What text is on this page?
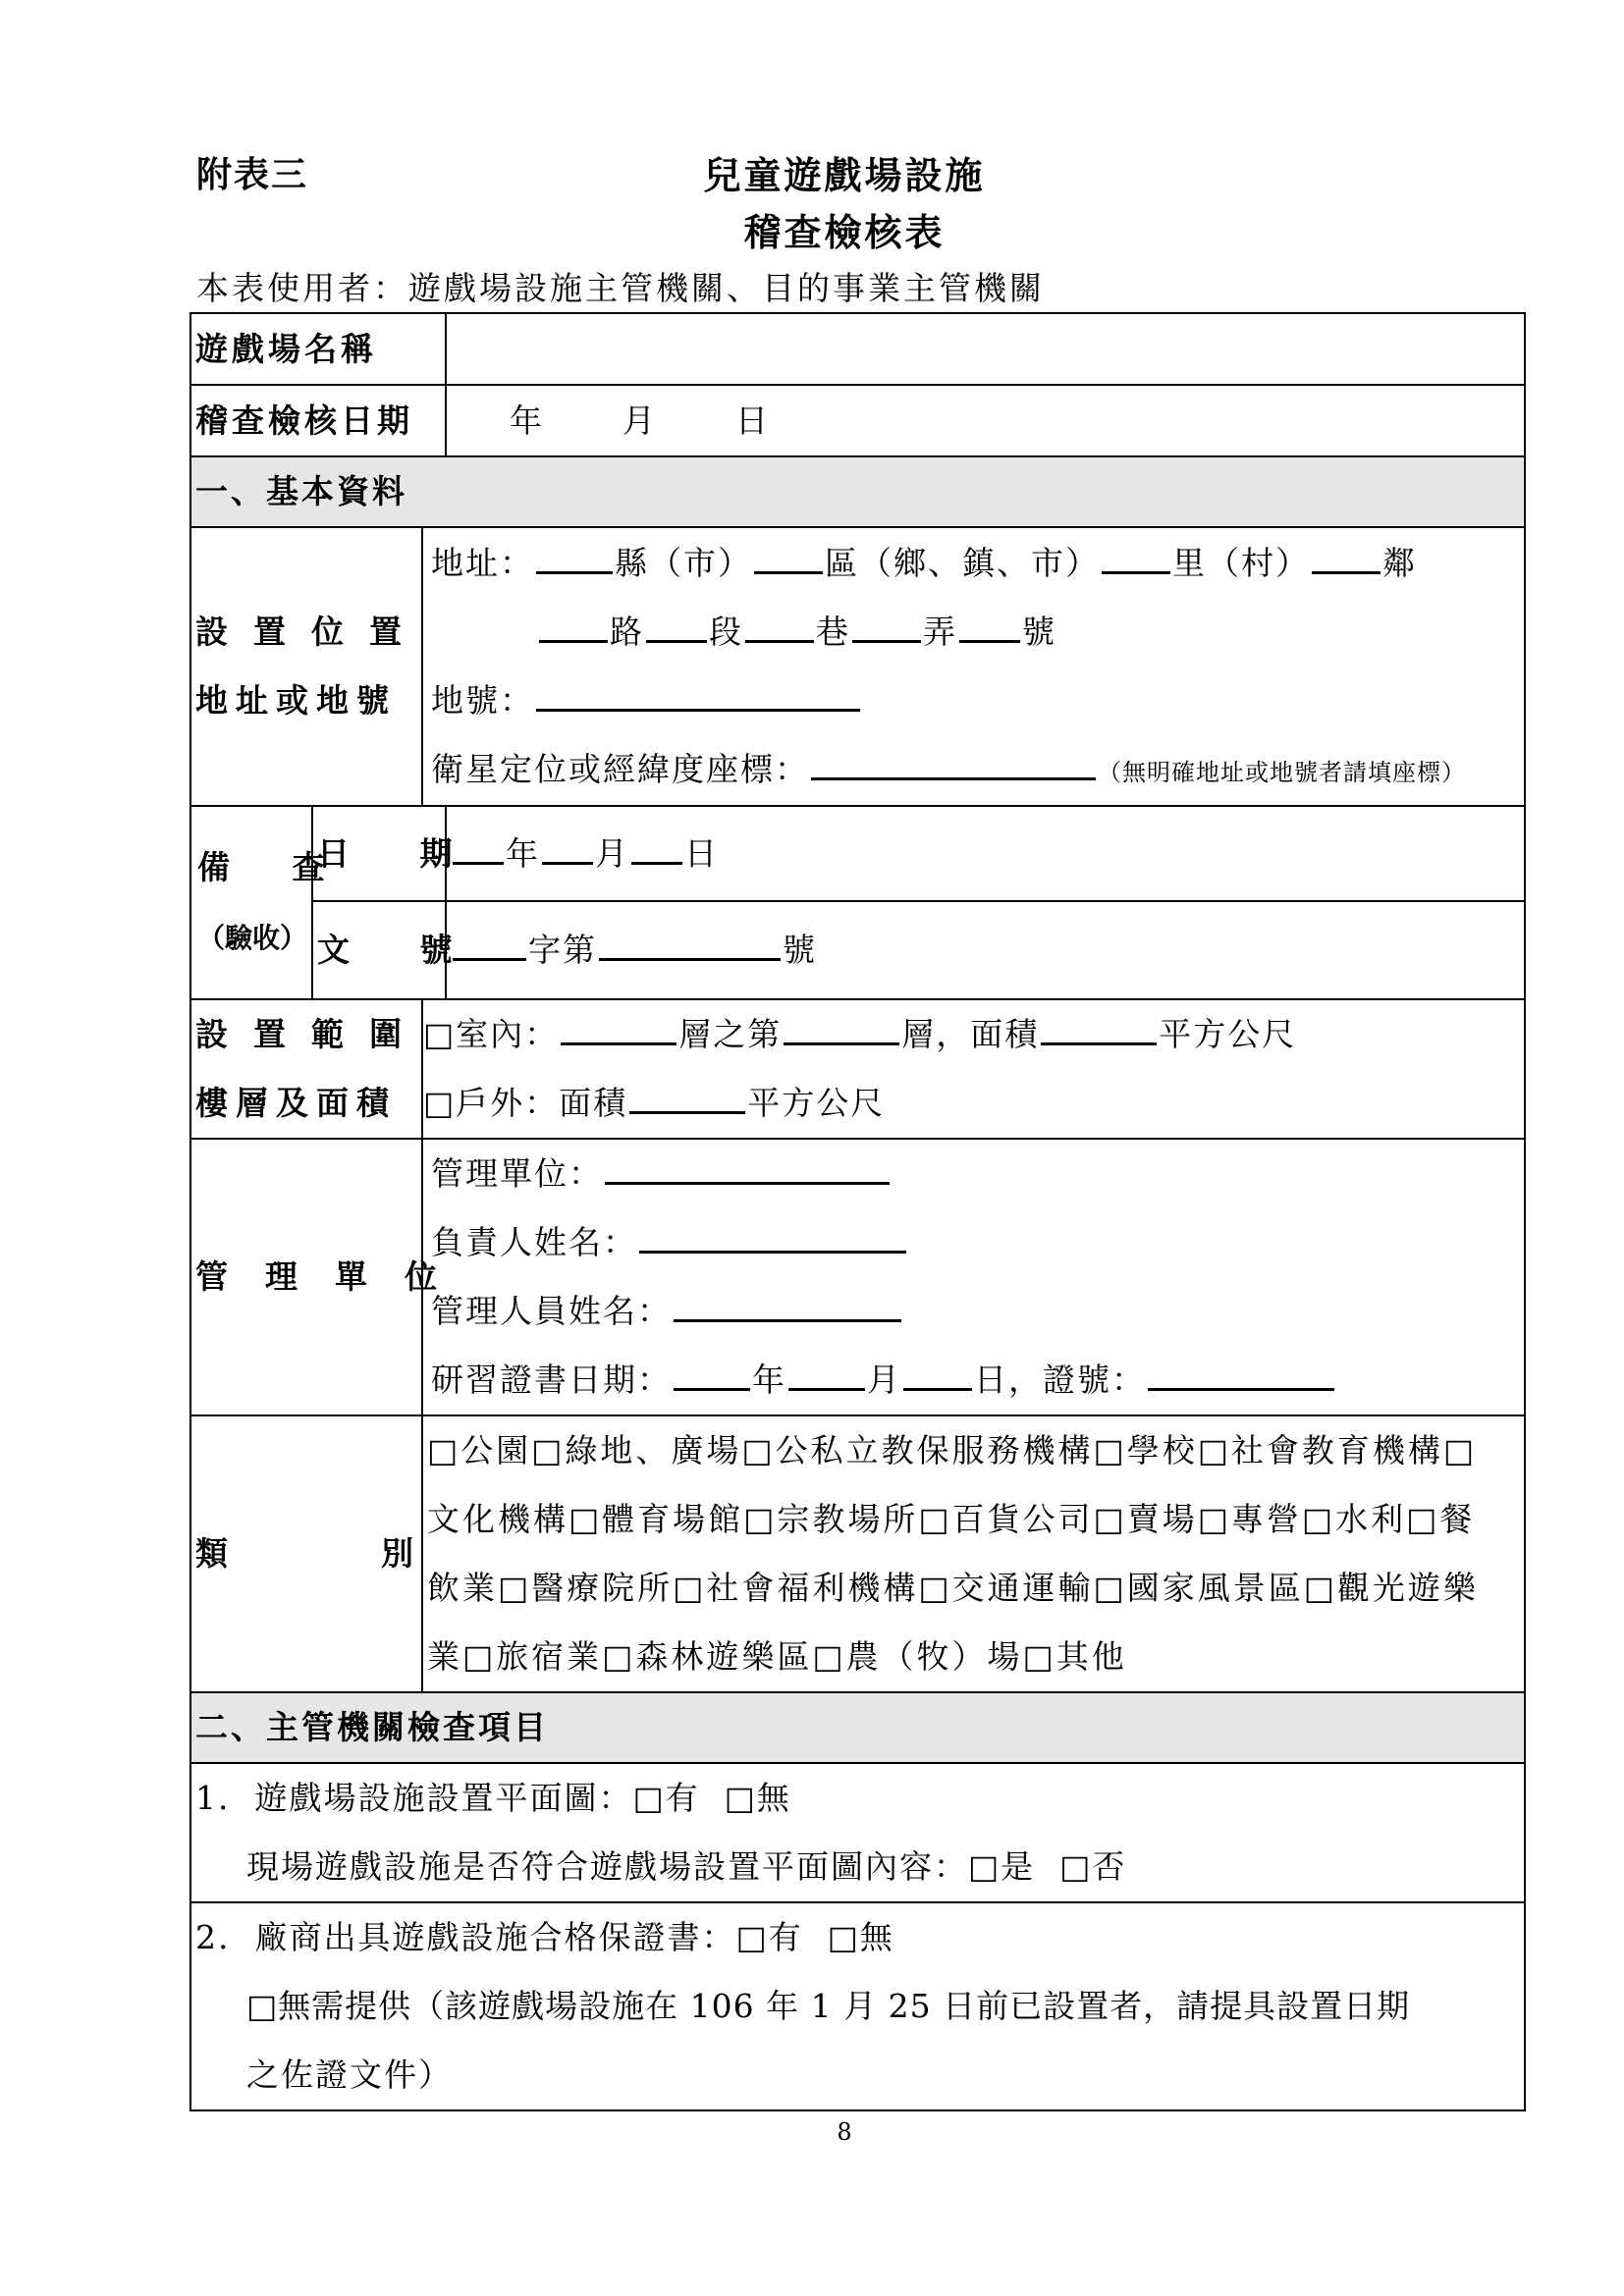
附表三	兒童遊戲場設施
稽查檢核表
本表使用者：遊戲場設施主管機關、目的事業主管機關
遊戲場名稱			
稽查檢核日期			年 月 日
一、基本資料			

設置位置
地址或地號		地址： 縣（市） 區（鄉、鎮、市） 里（村） 鄰
路 段 巷 弄 號
地號：
衛星定位或經緯度座標： （無明確地址或地號者請填座標）	

備 查
（驗收）	日 期		年 月 日
	文 號		字第 號

設置範圍
樓層及面積		□室內： 層之第 層，面積 平方公尺
□戶外：面積 平方公尺	

管理單位		管理單位：
負責人姓名：
管理人員姓名：
研習證書日期： 年 月 日，證號：	

類 別		□公園□綠地、廣場□公私立教保服務機構□學校□社會教育機構□
文化機構□體育場館□宗教場所□百貨公司□賣場□專營□水利□餐
飲業□醫療院所□社會福利機構□交通運輸□國家風景區□觀光遊樂
業□旅宿業□森林遊樂區□農（牧）場□其他	

二、主管機關檢查項目			

1.  遊戲場設施設置平面圖：□有  □無
現場遊戲設施是否符合遊戲場設置平面圖內容：□是  □否			

2.  廠商出具遊戲設施合格保證書：□有  □無
□無需提供（該遊戲場設施在 106 年 1 月 25 日前已設置者，請提具設置日期
之佐證文件）			
8
